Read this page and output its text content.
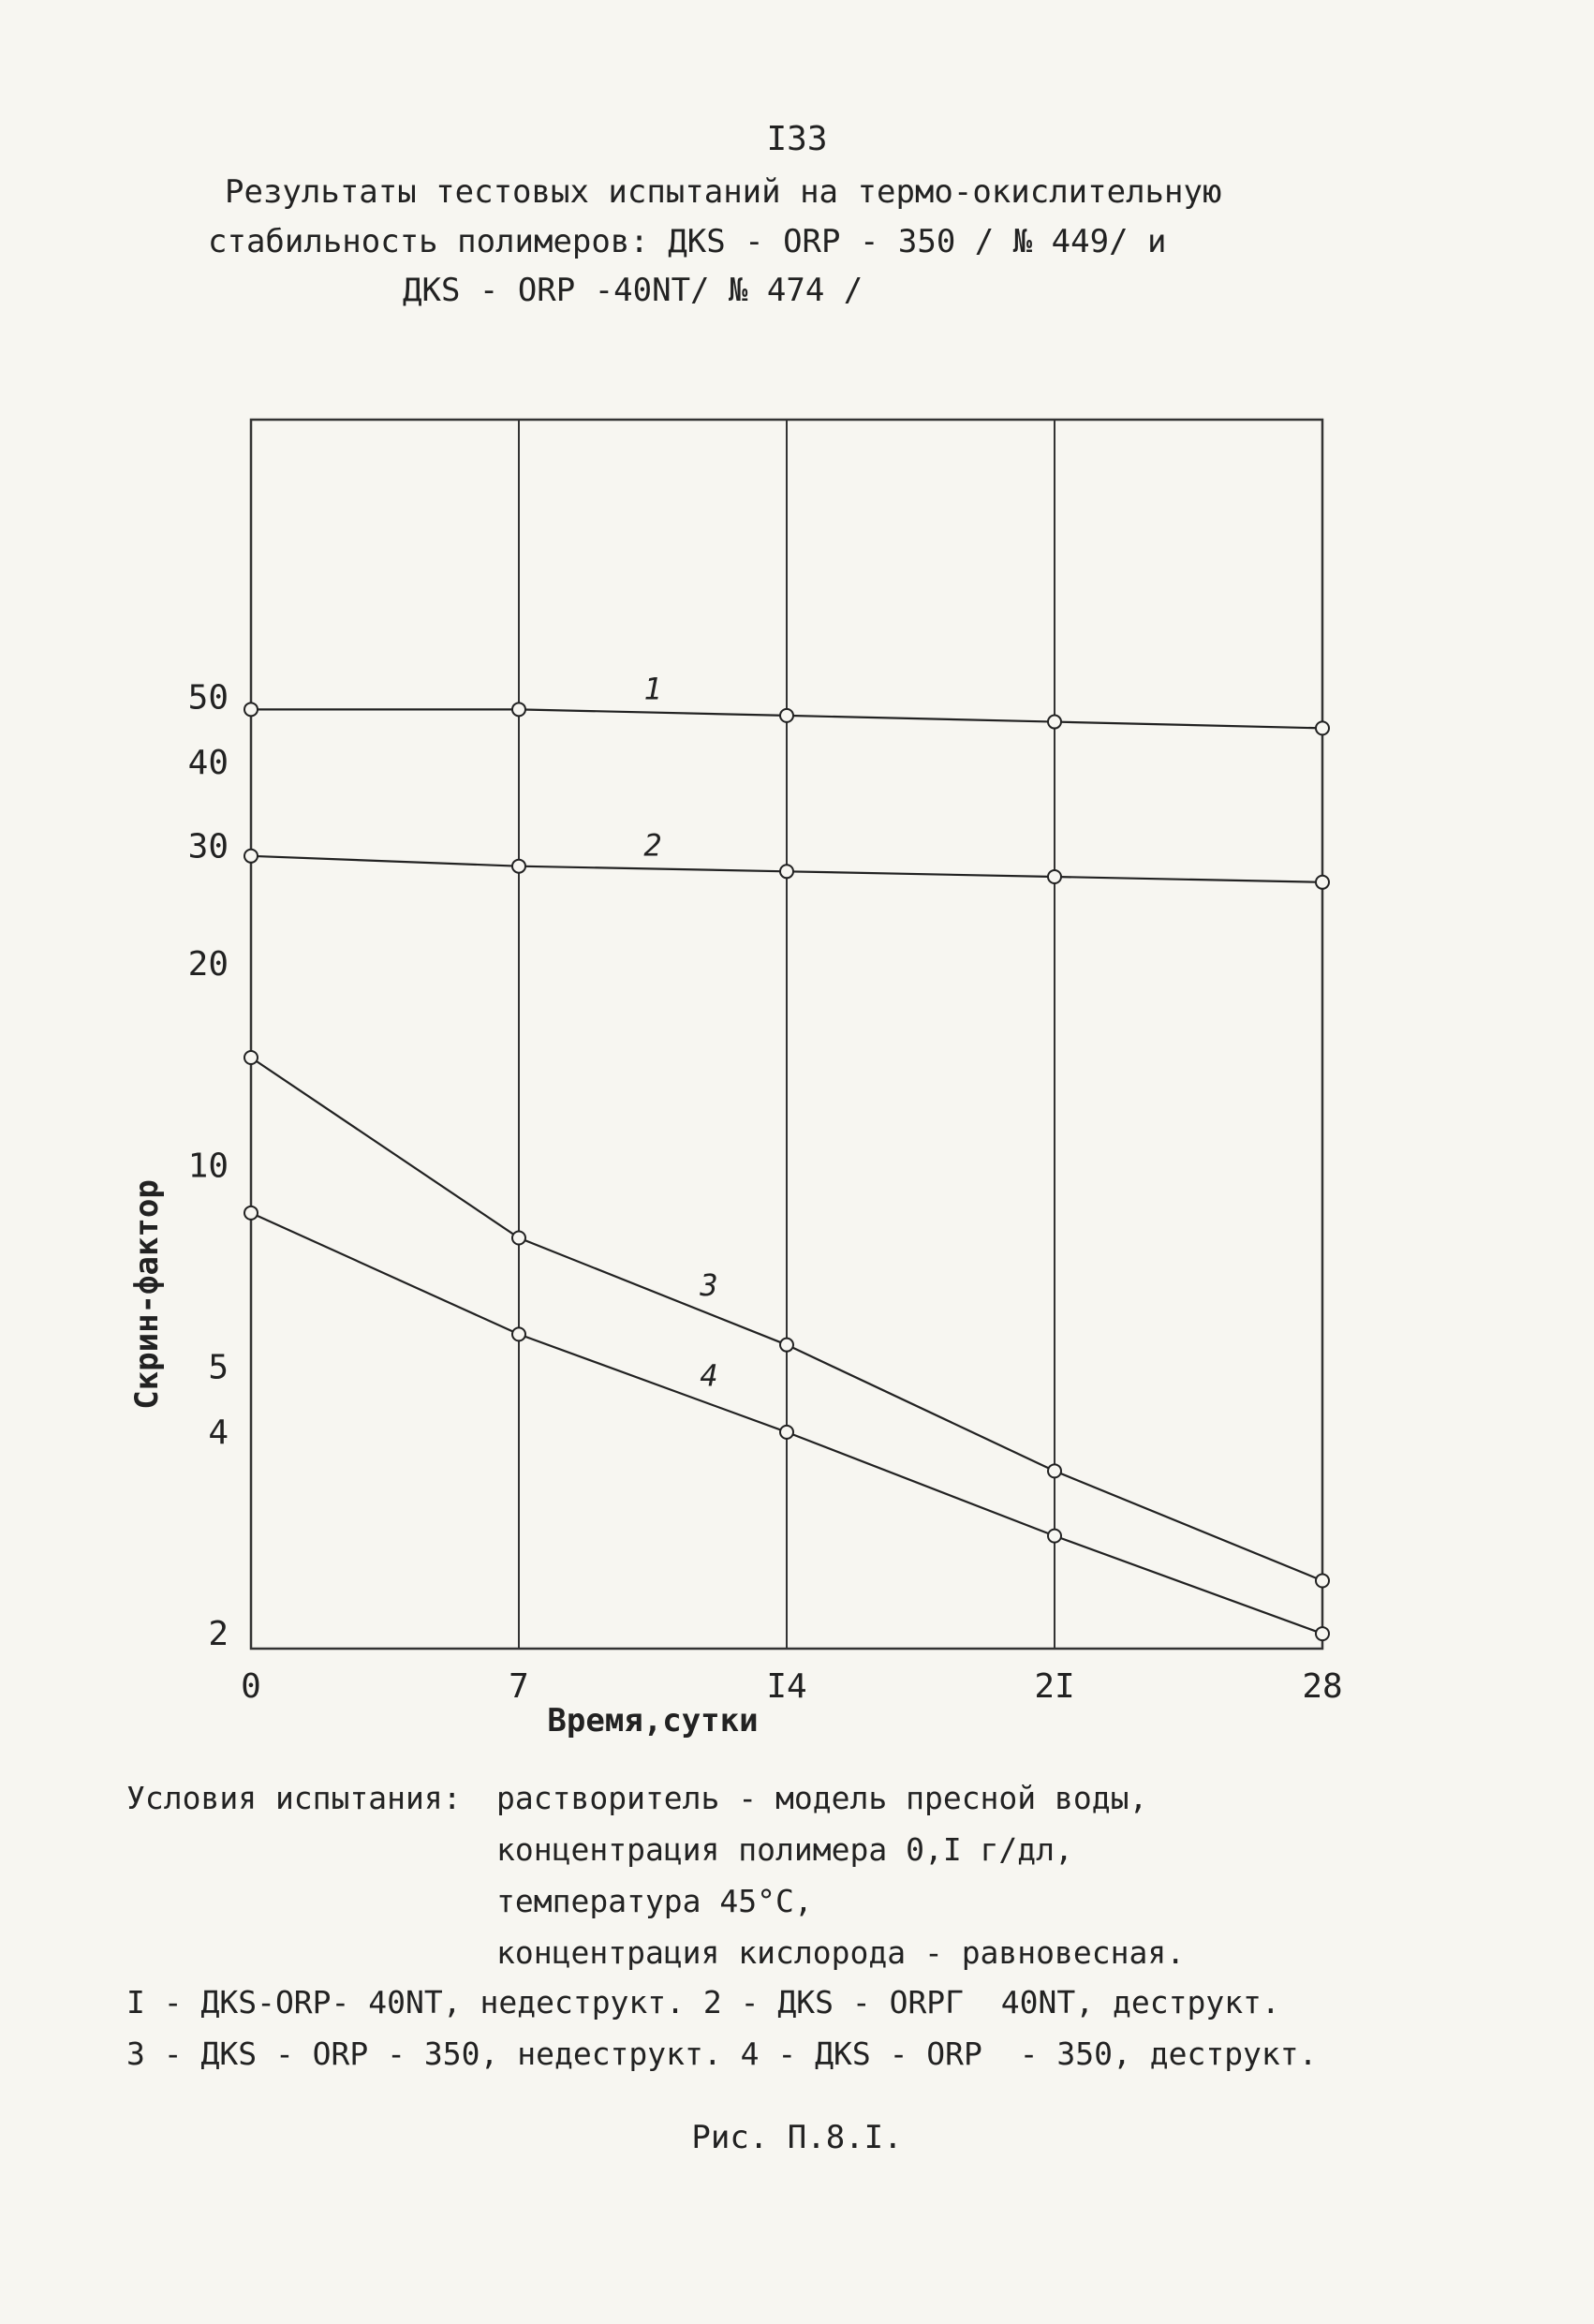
I33
Результаты тестовых испытаний на термо-окислительную
стабильность полимеров: ДКS - ORP - 350 / № 449/ и
ДКS - ORP -40NT/ № 474 /
0	7	I4	2I	28
2
4
5
10
20
30
40
50
Время,сутки
Скрин-фактор
1
2
3
4
Условия испытания: растворитель - модель пресной воды,
концентрация полимера 0,I г/дл,
температура 45°С,
концентрация кислорода - равновесная.
I - ДКS-ORP- 40NT, недеструкт. 2 - ДКS - ORPГ  40NT, деструкт.
3 - ДКS - ORP - 350, недеструкт. 4 - ДКS - ORP  - 350, деструкт.
Рис. П.8.I.
